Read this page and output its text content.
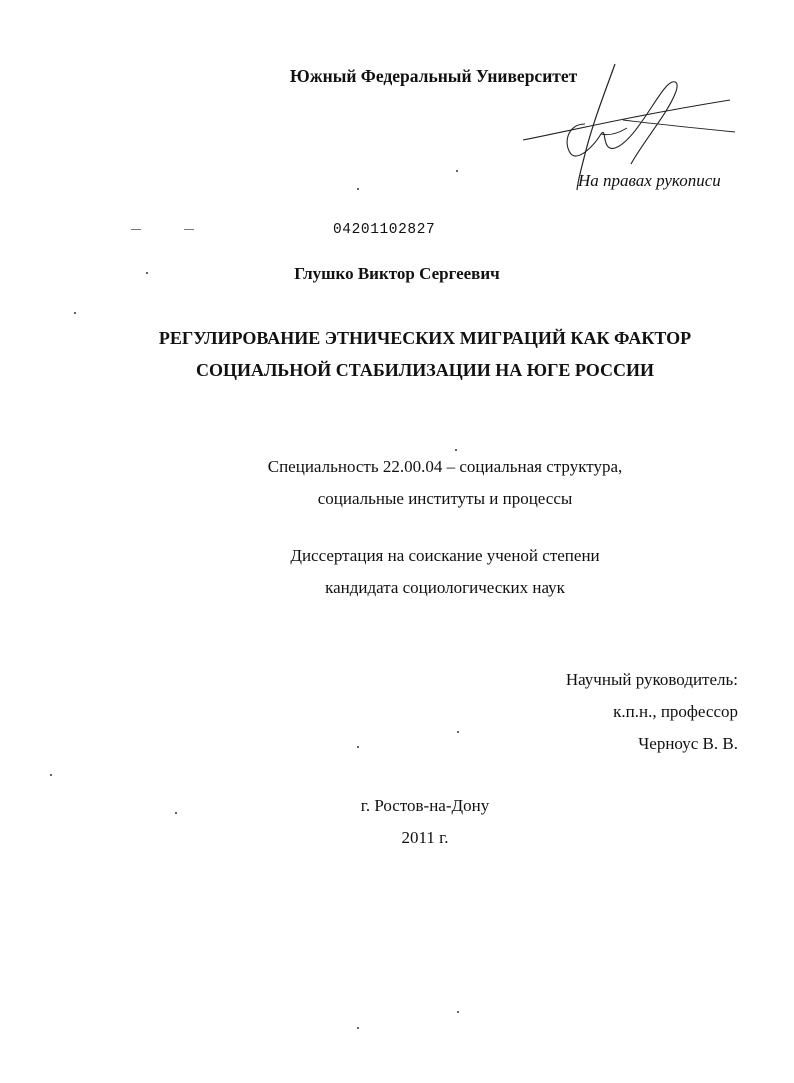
Южный Федеральный Университет
На правах рукописи
04201102827
Глушко Виктор Сергеевич
РЕГУЛИРОВАНИЕ ЭТНИЧЕСКИХ МИГРАЦИЙ КАК ФАКТОР
СОЦИАЛЬНОЙ СТАБИЛИЗАЦИИ НА ЮГЕ РОССИИ
Специальность 22.00.04 – социальная структура,
социальные институты и процессы
Диссертация на соискание ученой степени
кандидата социологических наук
Научный руководитель:
к.п.н., профессор
Черноус В. В.
г. Ростов-на-Дону
2011 г.
